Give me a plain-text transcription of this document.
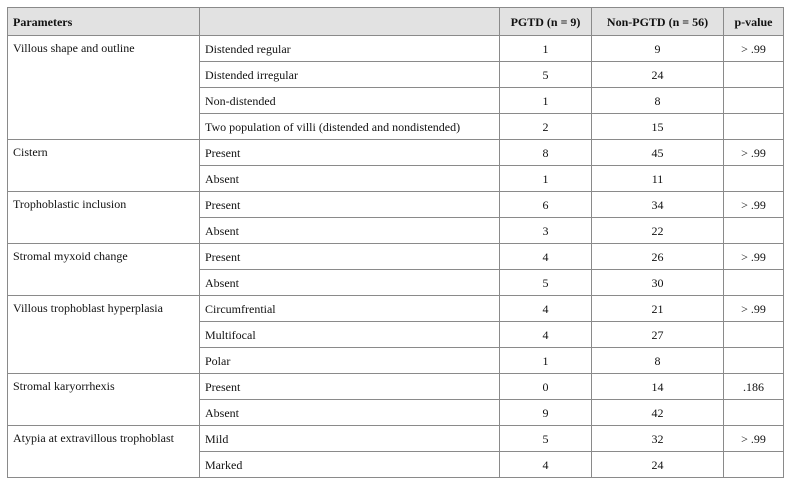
Parameters		PGTD (n = 9)	Non-PGTD (n = 56)	p-value
Villous shape and outline	Distended regular	1	9	> .99
	Distended irregular	5	24	
	Non-distended	1	8	
	Two population of villi (distended and nondistended)	2	15	
Cistern	Present	8	45	> .99
	Absent	1	11	
Trophoblastic inclusion	Present	6	34	> .99
	Absent	3	22	
Stromal myxoid change	Present	4	26	> .99
	Absent	5	30	
Villous trophoblast hyperplasia	Circumfrential	4	21	> .99
	Multifocal	4	27	
	Polar	1	8	
Stromal karyorrhexis	Present	0	14	.186
	Absent	9	42	
Atypia at extravillous trophoblast	Mild	5	32	> .99
	Marked	4	24	
